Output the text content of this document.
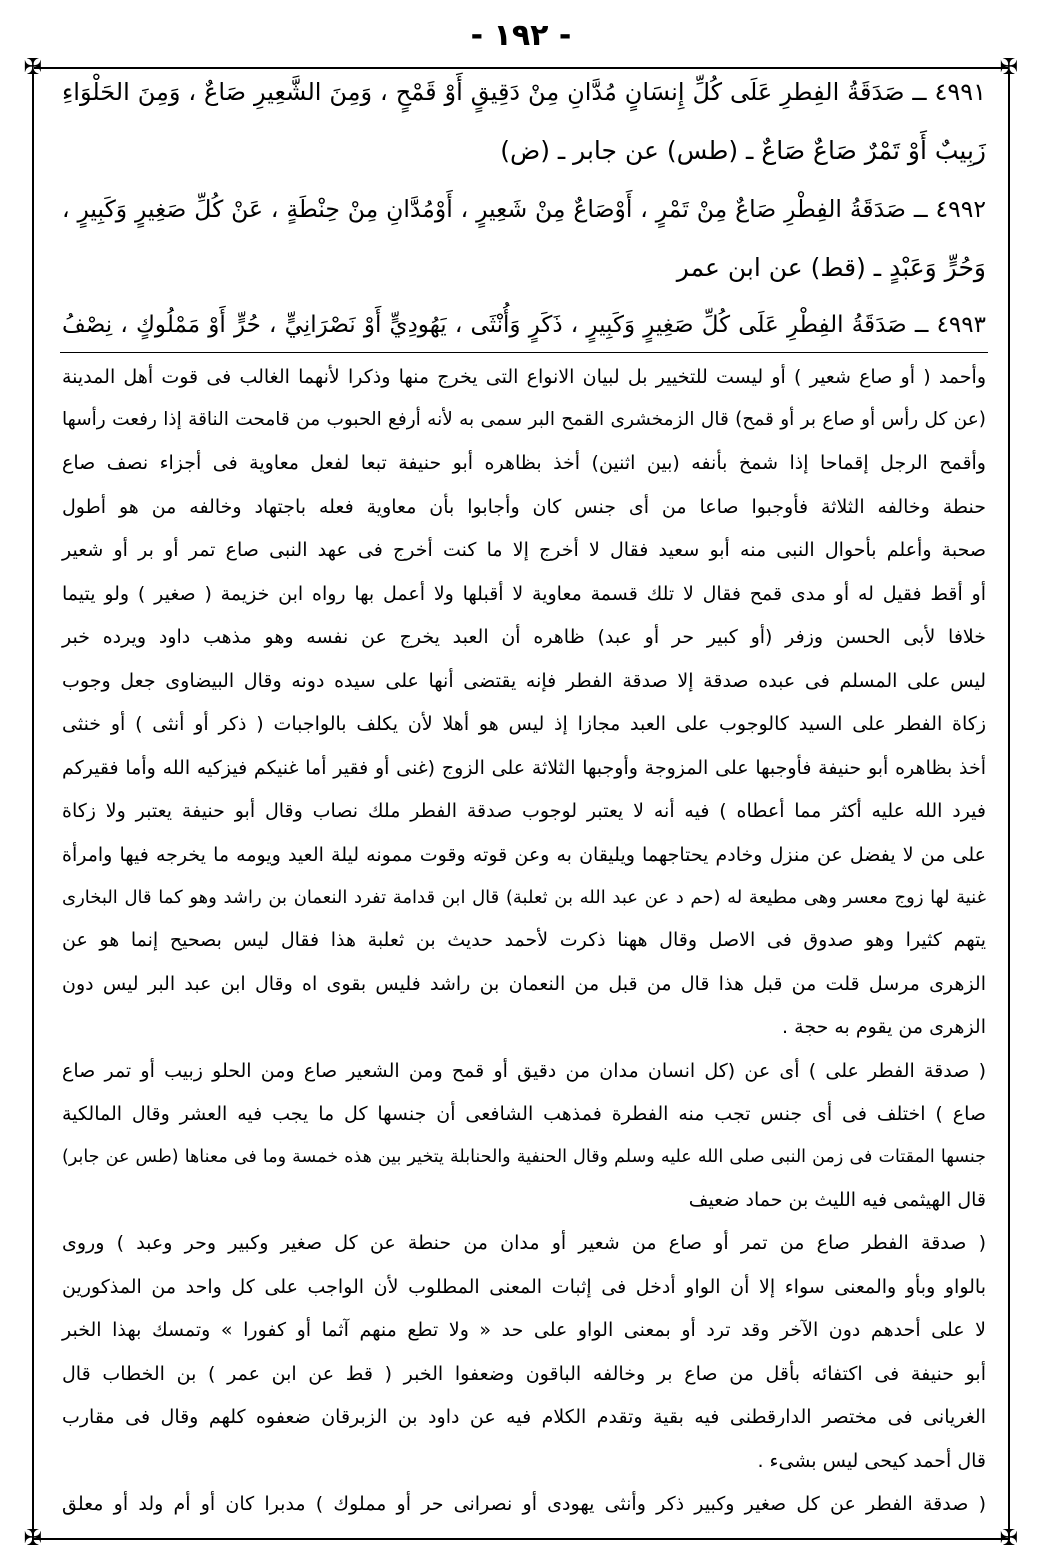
- ١٩٢ -
✠	✠
✠	✠
٤٩٩١ ــ صَدَقَةُ الفِطرِ عَلَى كُلِّ إِنسَانٍ مُدَّانِ مِنْ دَقِيقٍ أَوْ قَمْحٍ ، وَمِنَ الشَّعِيرِ صَاعٌ ، وَمِنَ الحَلْوَاءِ
زَبِيبٌ أَوْ تَمْرٌ صَاعٌ صَاعٌ ـ (طس) عن جابر ـ (ض)
٤٩٩٢ ــ صَدَقَةُ الفِطْرِ صَاعٌ مِنْ تَمْرٍ ، أَوْصَاعٌ مِنْ شَعِيرٍ ، أَوْمُدَّانِ مِنْ حِنْطَةٍ ، عَنْ كُلِّ صَغِيرٍ وَكَبِيرٍ ،
وَحُرٍّ وَعَبْدٍ ـ (قط) عن ابن عمر
٤٩٩٣ ــ صَدَقَةُ الفِطْرِ عَلَى كُلِّ صَغِيرٍ وَكَبِيرٍ ، ذَكَرٍ وَأُنْثَى ، يَهُودِيٍّ أَوْ نَصْرَانِيٍّ ، حُرٍّ أَوْ مَمْلُوكٍ ، نِصْفُ
وأحمد ( أو صاع شعير ) أو ليست للتخيير بل لبيان الانواع التى يخرج منها وذكرا لأنهما الغالب فى قوت أهل المدينة
(عن كل رأس أو صاع بر أو قمح) قال الزمخشرى القمح البر سمى به لأنه أرفع الحبوب من قامحت الناقة إذا رفعت رأسها
وأقمح الرجل إقماحا إذا شمخ بأنفه (بين اثنين) أخذ بظاهره أبو حنيفة تبعا لفعل معاوية فى أجزاء نصف صاع
حنطة وخالفه الثلاثة فأوجبوا صاعا من أى جنس كان وأجابوا بأن معاوية فعله باجتهاد وخالفه من هو أطول
صحبة وأعلم بأحوال النبى منه أبو سعيد فقال لا أخرج إلا ما كنت أخرج فى عهد النبى صاع تمر أو بر أو شعير
أو أقط فقيل له أو مدى قمح فقال لا تلك قسمة معاوية لا أقبلها ولا أعمل بها رواه ابن خزيمة ( صغير ) ولو يتيما
خلافا لأبى الحسن وزفر (أو كبير حر أو عبد) ظاهره أن العبد يخرج عن نفسه وهو مذهب داود ويرده خبر
ليس على المسلم فى عبده صدقة إلا صدقة الفطر فإنه يقتضى أنها على سيده دونه وقال البيضاوى جعل وجوب
زكاة الفطر على السيد كالوجوب على العبد مجازا إذ ليس هو أهلا لأن يكلف بالواجبات ( ذكر أو أنثى ) أو خنثى
أخذ بظاهره أبو حنيفة فأوجبها على المزوجة وأوجبها الثلاثة على الزوج (غنى أو فقير أما غنيكم فيزكيه الله وأما فقيركم
فيرد الله عليه أكثر مما أعطاه ) فيه أنه لا يعتبر لوجوب صدقة الفطر ملك نصاب وقال أبو حنيفة يعتبر ولا زكاة
على من لا يفضل عن منزل وخادم يحتاجهما ويليقان به وعن قوته وقوت ممونه ليلة العيد ويومه ما يخرجه فيها وامرأة
غنية لها زوج معسر وهى مطيعة له (حم د عن عبد الله بن ثعلبة) قال ابن قدامة تفرد النعمان بن راشد وهو كما قال البخارى
يتهم كثيرا وهو صدوق فى الاصل وقال ههنا ذكرت لأحمد حديث بن ثعلبة هذا فقال ليس بصحيح إنما هو عن
الزهرى مرسل قلت من قبل هذا قال من قبل من النعمان بن راشد فليس بقوى اه وقال ابن عبد البر ليس دون
الزهرى من يقوم به حجة .
( صدقة الفطر على ) أى عن (كل انسان مدان من دقيق أو قمح ومن الشعير صاع ومن الحلو زبيب أو تمر صاع
صاع ) اختلف فى أى جنس تجب منه الفطرة فمذهب الشافعى أن جنسها كل ما يجب فيه العشر وقال المالكية
جنسها المقتات فى زمن النبى صلى الله عليه وسلم وقال الحنفية والحنابلة يتخير بين هذه خمسة وما فى معناها (طس عن جابر)
قال الهيثمى فيه الليث بن حماد ضعيف
( صدقة الفطر صاع من تمر أو صاع من شعير أو مدان من حنطة عن كل صغير وكبير وحر وعبد ) وروى
بالواو وبأو والمعنى سواء إلا أن الواو أدخل فى إثبات المعنى المطلوب لأن الواجب على كل واحد من المذكورين
لا على أحدهم دون الآخر وقد ترد أو بمعنى الواو على حد « ولا تطع منهم آثما أو كفورا » وتمسك بهذا الخبر
أبو حنيفة فى اكتفائه بأقل من صاع بر وخالفه الباقون وضعفوا الخبر ( قط عن ابن عمر ) بن الخطاب قال
الغريانى فى مختصر الدارقطنى فيه بقية وتقدم الكلام فيه عن داود بن الزبرقان ضعفوه كلهم وقال فى مقارب
قال أحمد كيحى ليس بشىء .
( صدقة الفطر عن كل صغير وكبير ذكر وأنثى يهودى أو نصرانى حر أو مملوك ) مدبرا كان أو أم ولد أو معلق
